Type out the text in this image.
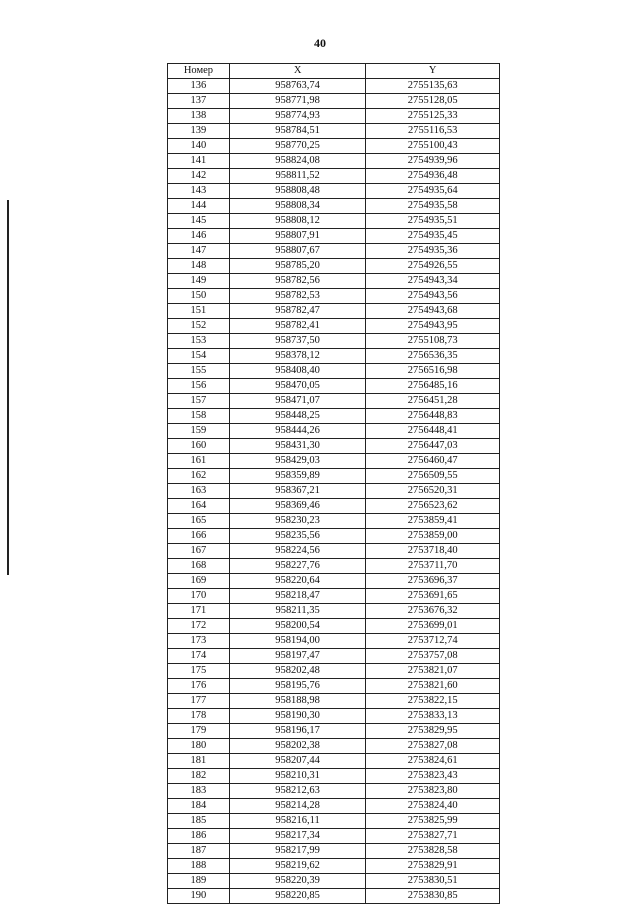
40
Номер	X	Y
136	958763,74	2755135,63
137	958771,98	2755128,05
138	958774,93	2755125,33
139	958784,51	2755116,53
140	958770,25	2755100,43
141	958824,08	2754939,96
142	958811,52	2754936,48
143	958808,48	2754935,64
144	958808,34	2754935,58
145	958808,12	2754935,51
146	958807,91	2754935,45
147	958807,67	2754935,36
148	958785,20	2754926,55
149	958782,56	2754943,34
150	958782,53	2754943,56
151	958782,47	2754943,68
152	958782,41	2754943,95
153	958737,50	2755108,73
154	958378,12	2756536,35
155	958408,40	2756516,98
156	958470,05	2756485,16
157	958471,07	2756451,28
158	958448,25	2756448,83
159	958444,26	2756448,41
160	958431,30	2756447,03
161	958429,03	2756460,47
162	958359,89	2756509,55
163	958367,21	2756520,31
164	958369,46	2756523,62
165	958230,23	2753859,41
166	958235,56	2753859,00
167	958224,56	2753718,40
168	958227,76	2753711,70
169	958220,64	2753696,37
170	958218,47	2753691,65
171	958211,35	2753676,32
172	958200,54	2753699,01
173	958194,00	2753712,74
174	958197,47	2753757,08
175	958202,48	2753821,07
176	958195,76	2753821,60
177	958188,98	2753822,15
178	958190,30	2753833,13
179	958196,17	2753829,95
180	958202,38	2753827,08
181	958207,44	2753824,61
182	958210,31	2753823,43
183	958212,63	2753823,80
184	958214,28	2753824,40
185	958216,11	2753825,99
186	958217,34	2753827,71
187	958217,99	2753828,58
188	958219,62	2753829,91
189	958220,39	2753830,51
190	958220,85	2753830,85
